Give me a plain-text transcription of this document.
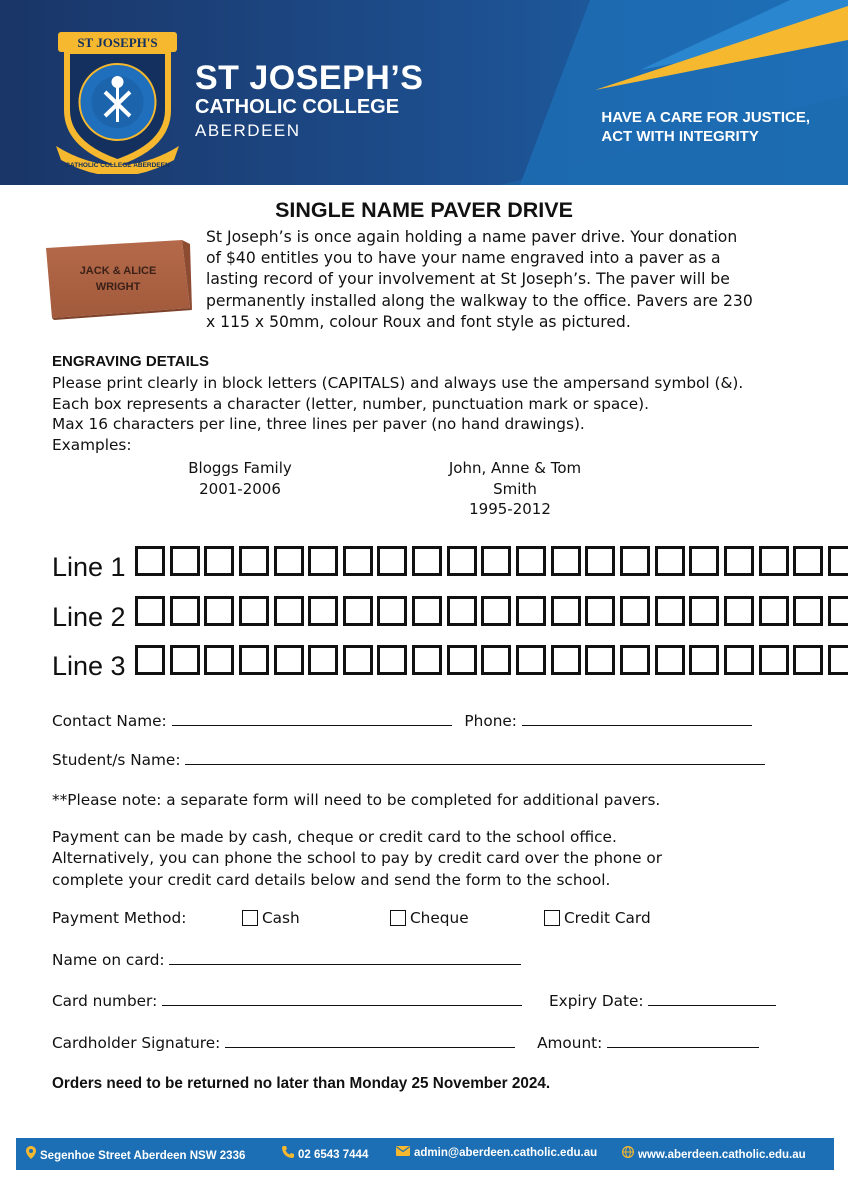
ST JOSEPH'S
CATHOLIC COLLEGE ABERDEEN
ST JOSEPH’S
CATHOLIC COLLEGE
ABERDEEN
HAVE A CARE FOR JUSTICE,
ACT WITH INTEGRITY
SINGLE NAME PAVER DRIVE
JACK & ALICE
WRIGHT
St Joseph’s is once again holding a name paver drive. Your donation
of $40 entitles you to have your name engraved into a paver as a
lasting record of your involvement at St Joseph’s. The paver will be
permanently installed along the walkway to the office. Pavers are 230
x 115 x 50mm, colour Roux and font style as pictured.
ENGRAVING DETAILS
Please print clearly in block letters (CAPITALS) and always use the ampersand symbol (&).
Each box represents a character (letter, number, punctuation mark or space).
Max 16 characters per line, three lines per paver (no hand drawings).
Examples:
Bloggs Family
2001-2006
John, Anne & Tom
Smith
1995-2012
Line 1
Line 2
Line 3
Contact Name:	Phone:
Student/s Name:
**Please note: a separate form will need to be completed for additional pavers.
Payment can be made by cash, cheque or credit card to the school office.
Alternatively, you can phone the school to pay by credit card over the phone or
complete your credit card details below and send the form to the school.
Payment Method:	Cash	Cheque	Credit Card
Name on card:
Card number:	Expiry Date:
Cardholder Signature:	Amount:
Orders need to be returned no later than Monday 25 November 2024.
Segenhoe Street Aberdeen NSW 2336	02 6543 7444	admin@aberdeen.catholic.edu.au	www.aberdeen.catholic.edu.au
